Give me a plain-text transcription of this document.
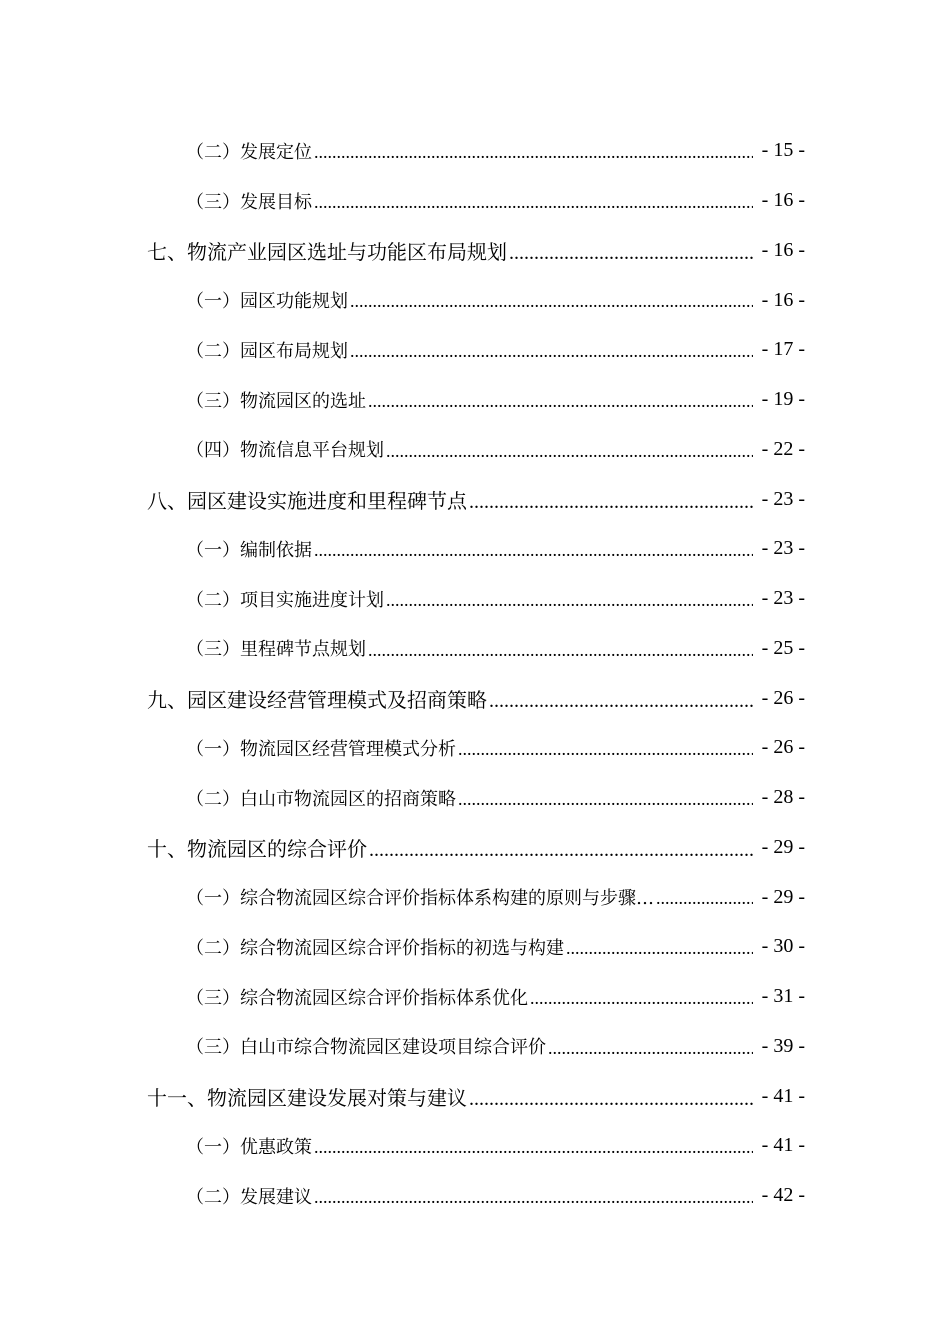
（二）发展定位 .....	- 15 -
（三）发展目标 .....	- 16 -
七、物流产业园区选址与功能区布局规划 .....	- 16 -
（一）园区功能规划 .....	- 16 -
（二）园区布局规划 .....	- 17 -
（三）物流园区的选址 .....	- 19 -
（四）物流信息平台规划 .....	- 22 -
八、园区建设实施进度和里程碑节点 .....	- 23 -
（一）编制依据 .....	- 23 -
（二）项目实施进度计划 .....	- 23 -
（三）里程碑节点规划 .....	- 25 -
九、园区建设经营管理模式及招商策略 .....	- 26 -
（一）物流园区经营管理模式分析 .....	- 26 -
（二）白山市物流园区的招商策略 .....	- 28 -
十、物流园区的综合评价 .....	- 29 -
（一）综合物流园区综合评价指标体系构建的原则与步骤… .....	- 29 -
（二）综合物流园区综合评价指标的初选与构建 .....	- 30 -
（三）综合物流园区综合评价指标体系优化 .....	- 31 -
（三）白山市综合物流园区建设项目综合评价 .....	- 39 -
十一、物流园区建设发展对策与建议 .....	- 41 -
（一）优惠政策 .....	- 41 -
（二）发展建议 .....	- 42 -
